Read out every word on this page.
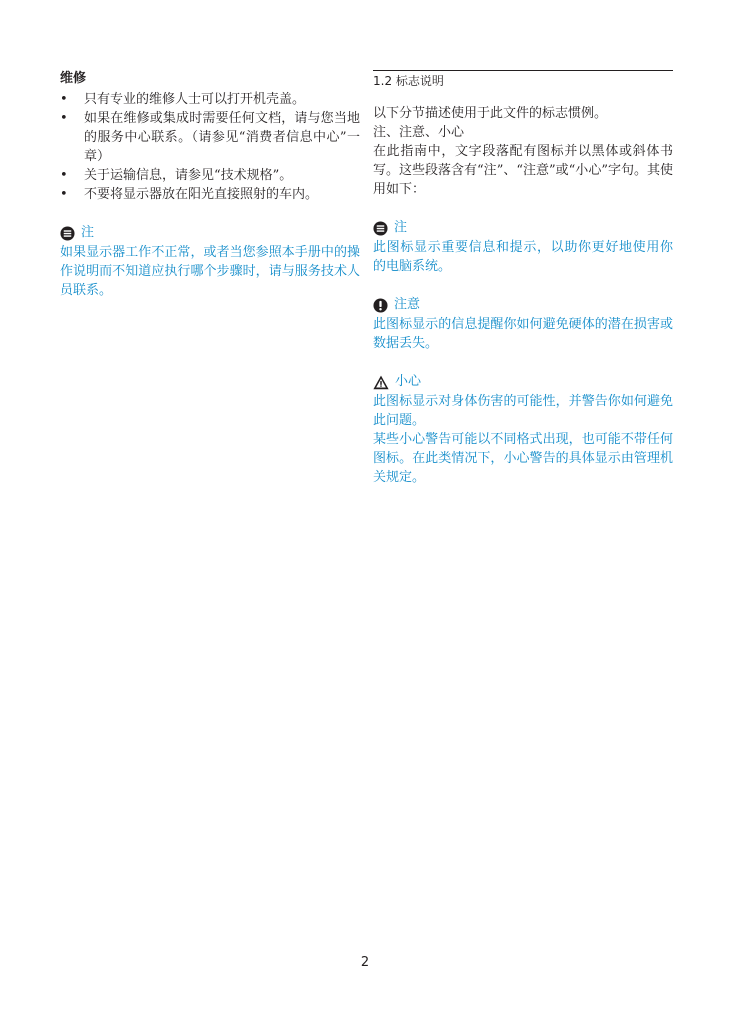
维修
• 只有专业的维修人士可以打开机壳盖。
• 如果在维修或集成时需要任何文档，请与您当地的服务中心联系。（请参见“消费者信息中心”一章）
• 关于运输信息，请参见“技术规格”。
• 不要将显示器放在阳光直接照射的车内。
注
如果显示器工作不正常，或者当您参照本手册中的操作说明而不知道应执行哪个步骤时，请与服务技术人员联系。
1.2 标志说明
以下分节描述使用于此文件的标志惯例。
注、注意、小心
在此指南中，文字段落配有图标并以黑体或斜体书写。这些段落含有“注”、“注意”或“小心”字句。其使用如下：
注
此图标显示重要信息和提示，以助你更好地使用你 的电脑系统。
注意
此图标显示的信息提醒你如何避免硬体的潜在损害或 数据丢失。
小心
此图标显示对身体伤害的可能性，并警告你如何避免 此问题。
某些小心警告可能以不同格式出现，也可能不带任何图标。在此类情况下，小心警告的具体显示由管理机关规定。
2
